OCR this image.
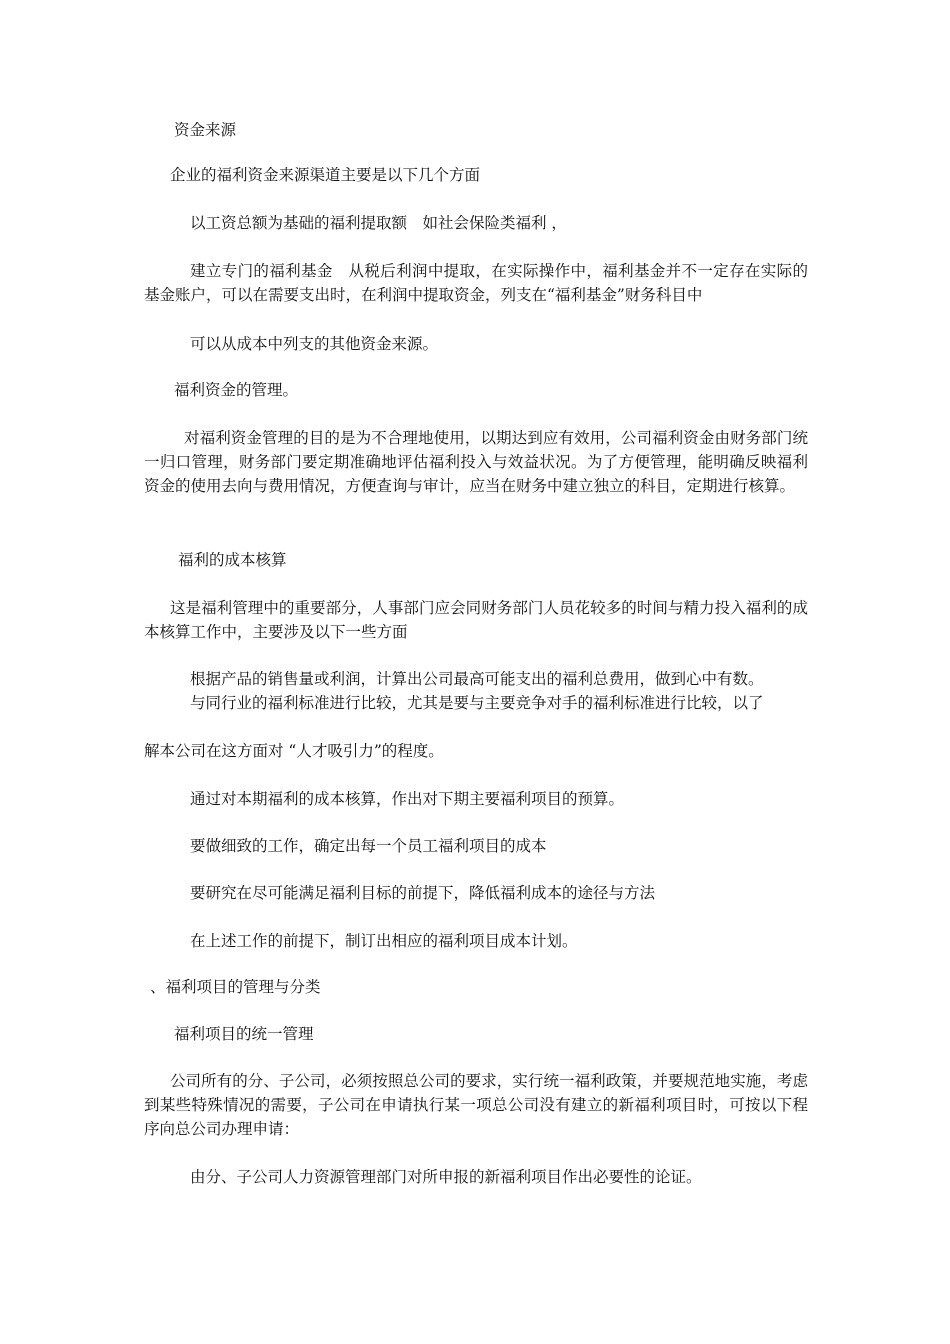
资金来源
企业的福利资金来源渠道主要是以下几个方面
以工资总额为基础的福利提取额　如社会保险类福利 ，
建立专门的福利基金　从税后利润中提取，在实际操作中，福利基金并不一定存在实际的基金账户，可以在需要支出时，在利润中提取资金，列支在“福利基金”财务科目中
可以从成本中列支的其他资金来源。
福利资金的管理。
对福利资金管理的目的是为不合理地使用，以期达到应有效用，公司福利资金由财务部门统一归口管理，财务部门要定期准确地评估福利投入与效益状况。为了方便管理，能明确反映福利资金的使用去向与费用情况，方便查询与审计，应当在财务中建立独立的科目，定期进行核算。
福利的成本核算
这是福利管理中的重要部分，人事部门应会同财务部门人员花较多的时间与精力投入福利的成本核算工作中，主要涉及以下一些方面
根据产品的销售量或利润，计算出公司最高可能支出的福利总费用，做到心中有数。
与同行业的福利标准进行比较，尤其是要与主要竞争对手的福利标准进行比较，以了
解本公司在这方面对 “人才吸引力”的程度。
通过对本期福利的成本核算，作出对下期主要福利项目的预算。
要做细致的工作，确定出每一个员工福利项目的成本
要研究在尽可能满足福利目标的前提下，降低福利成本的途径与方法
在上述工作的前提下，制订出相应的福利项目成本计划。
、福利项目的管理与分类
福利项目的统一管理
公司所有的分、子公司，必须按照总公司的要求，实行统一福利政策，并要规范地实施，考虑到某些特殊情况的需要，子公司在申请执行某一项总公司没有建立的新福利项目时，可按以下程序向总公司办理申请：
由分、子公司人力资源管理部门对所申报的新福利项目作出必要性的论证。
